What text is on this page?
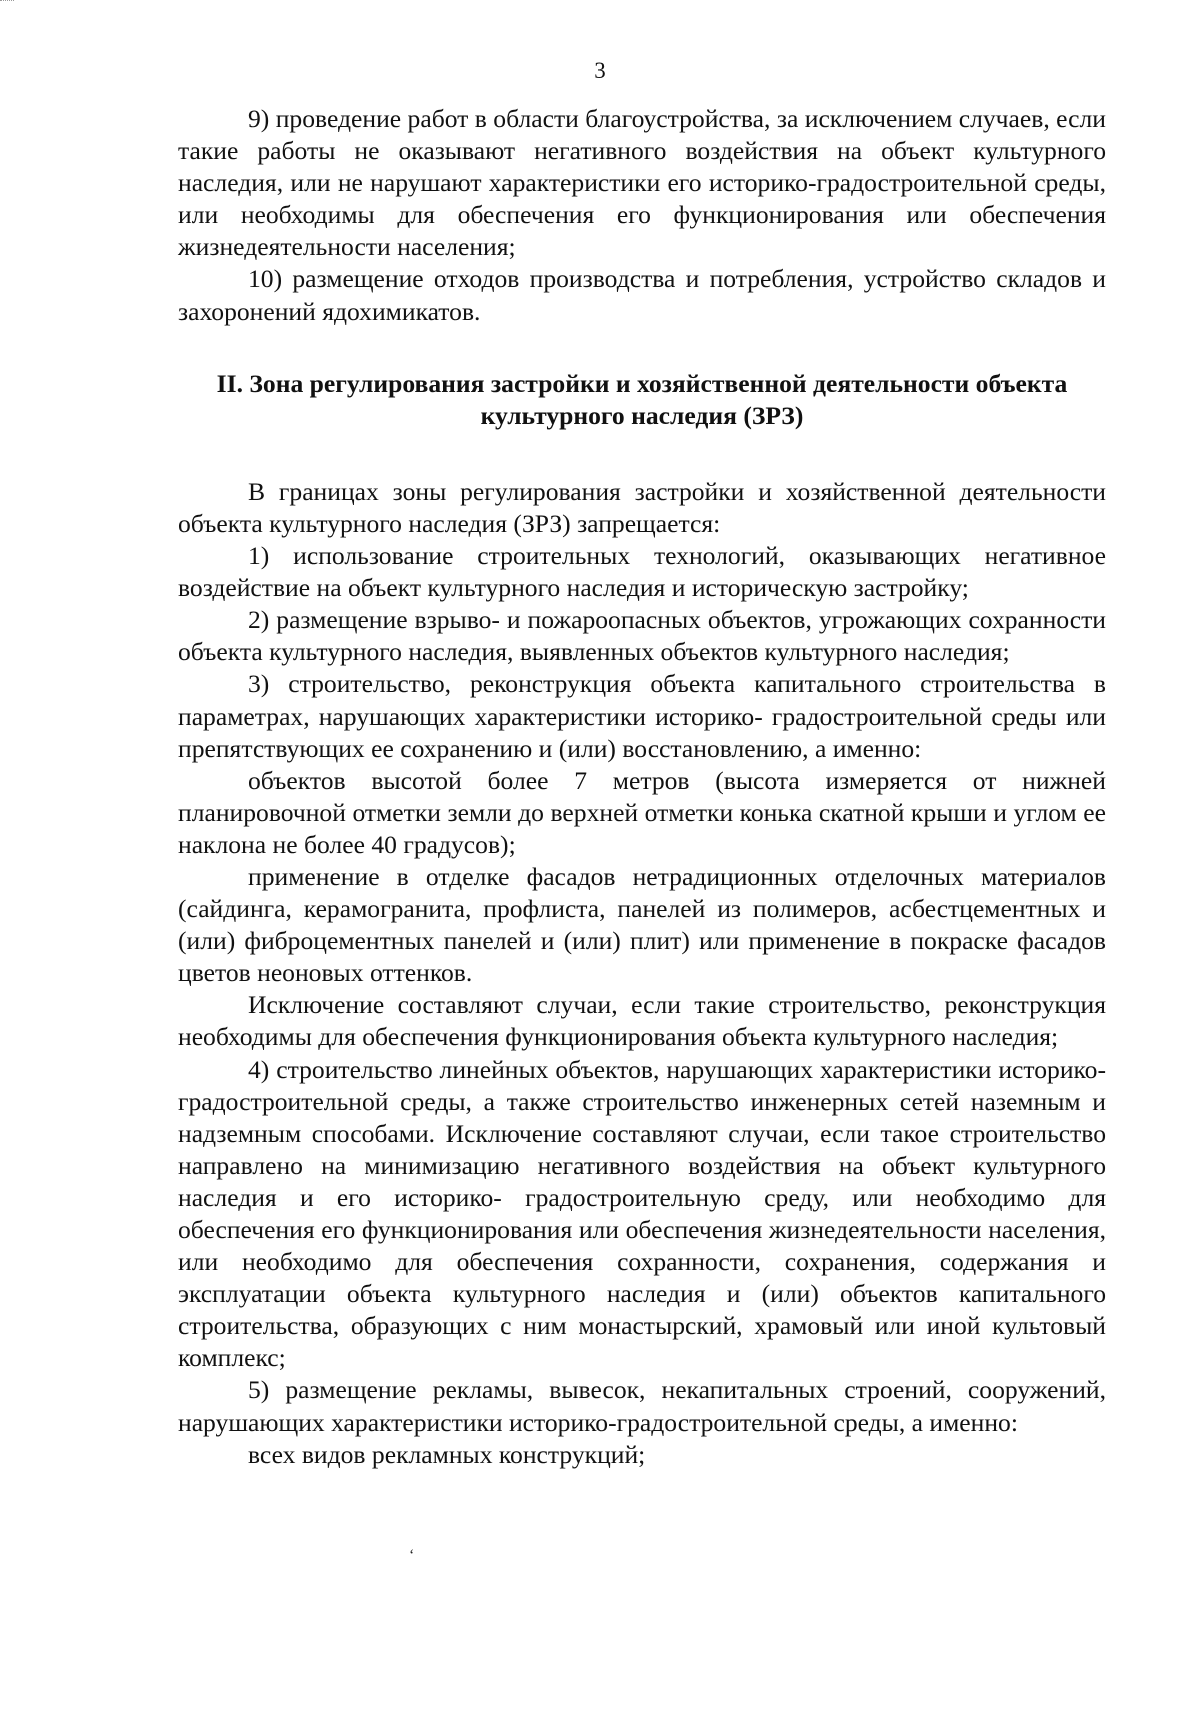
3

9) проведение работ в области благоустройства, за исключением случаев, если такие работы не оказывают негативного воздействия на объект культурного наследия, или не нарушают характеристики его историко-градостроительной среды, или необходимы для обеспечения его функционирования или обеспечения жизнедеятельности населения;

10) размещение отходов производства и потребления, устройство складов и захоронений ядохимикатов.

II. Зона регулирования застройки и хозяйственной деятельности объекта
культурного наследия (ЗРЗ)

В границах зоны регулирования застройки и хозяйственной деятельности объекта культурного наследия (ЗРЗ) запрещается:

1) использование строительных технологий, оказывающих негативное воздействие на объект культурного наследия и историческую застройку;

2) размещение взрыво- и пожароопасных объектов, угрожающих сохранности объекта культурного наследия, выявленных объектов культурного наследия;

3) строительство, реконструкция объекта капитального строительства в параметрах, нарушающих характеристики историко- градостроительной среды или препятствующих ее сохранению и (или) восстановлению, а именно:

объектов высотой более 7 метров (высота измеряется от нижней планировочной отметки земли до верхней отметки конька скатной крыши и углом ее наклона не более 40 градусов);

применение в отделке фасадов нетрадиционных отделочных материалов (сайдинга, керамогранита, профлиста, панелей из полимеров, асбестцементных и (или) фиброцементных панелей и (или) плит) или применение в покраске фасадов цветов неоновых оттенков.

Исключение составляют случаи, если такие строительство, реконструкция необходимы для обеспечения функционирования объекта культурного наследия;

4) строительство линейных объектов, нарушающих характеристики историко-градостроительной среды, а также строительство инженерных сетей наземным и надземным способами. Исключение составляют случаи, если такое строительство направлено на минимизацию негативного воздействия на объект культурного наследия и его историко- градостроительную среду, или необходимо для обеспечения его функционирования или обеспечения жизнедеятельности населения, или необходимо для обеспечения сохранности, сохранения, содержания и эксплуатации объекта культурного наследия и (или) объектов капитального строительства, образующих с ним монастырский, храмовый или иной культовый комплекс;

5) размещение рекламы, вывесок, некапитальных строений, сооружений, нарушающих характеристики историко-градостроительной среды, а именно:

всех видов рекламных конструкций;

‘
